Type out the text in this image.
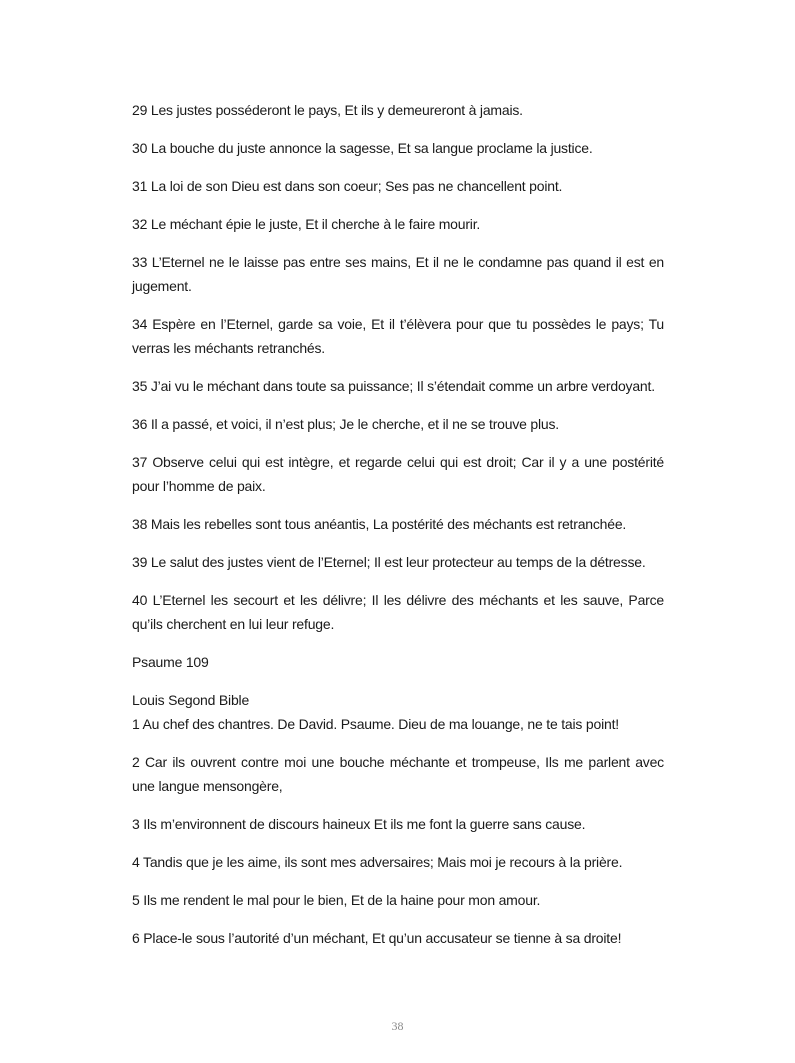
29 Les justes posséderont le pays, Et ils y demeureront à jamais.

30 La bouche du juste annonce la sagesse, Et sa langue proclame la justice.

31 La loi de son Dieu est dans son coeur; Ses pas ne chancellent point.

32 Le méchant épie le juste, Et il cherche à le faire mourir.

33 L’Eternel ne le laisse pas entre ses mains, Et il ne le condamne pas quand il est en jugement.

34 Espère en l’Eternel, garde sa voie, Et il t’élèvera pour que tu possèdes le pays; Tu verras les méchants retranchés.

35 J’ai vu le méchant dans toute sa puissance; Il s’étendait comme un arbre verdoyant.

36 Il a passé, et voici, il n’est plus; Je le cherche, et il ne se trouve plus.

37 Observe celui qui est intègre, et regarde celui qui est droit; Car il y a une postérité pour l’homme de paix.

38 Mais les rebelles sont tous anéantis, La postérité des méchants est retranchée.

39 Le salut des justes vient de l’Eternel; Il est leur protecteur au temps de la détresse.

40 L’Eternel les secourt et les délivre; Il les délivre des méchants et les sauve, Parce qu’ils cherchent en lui leur refuge.

Psaume 109

Louis Segond Bible

1 Au chef des chantres. De David. Psaume. Dieu de ma louange, ne te tais point!

2 Car ils ouvrent contre moi une bouche méchante et trompeuse, Ils me parlent avec une langue mensongère,

3 Ils m’environnent de discours haineux Et ils me font la guerre sans cause.

4 Tandis que je les aime, ils sont mes adversaires; Mais moi je recours à la prière.

5 Ils me rendent le mal pour le bien, Et de la haine pour mon amour.

6 Place-le sous l’autorité d’un méchant, Et qu’un accusateur se tienne à sa droite!

38
